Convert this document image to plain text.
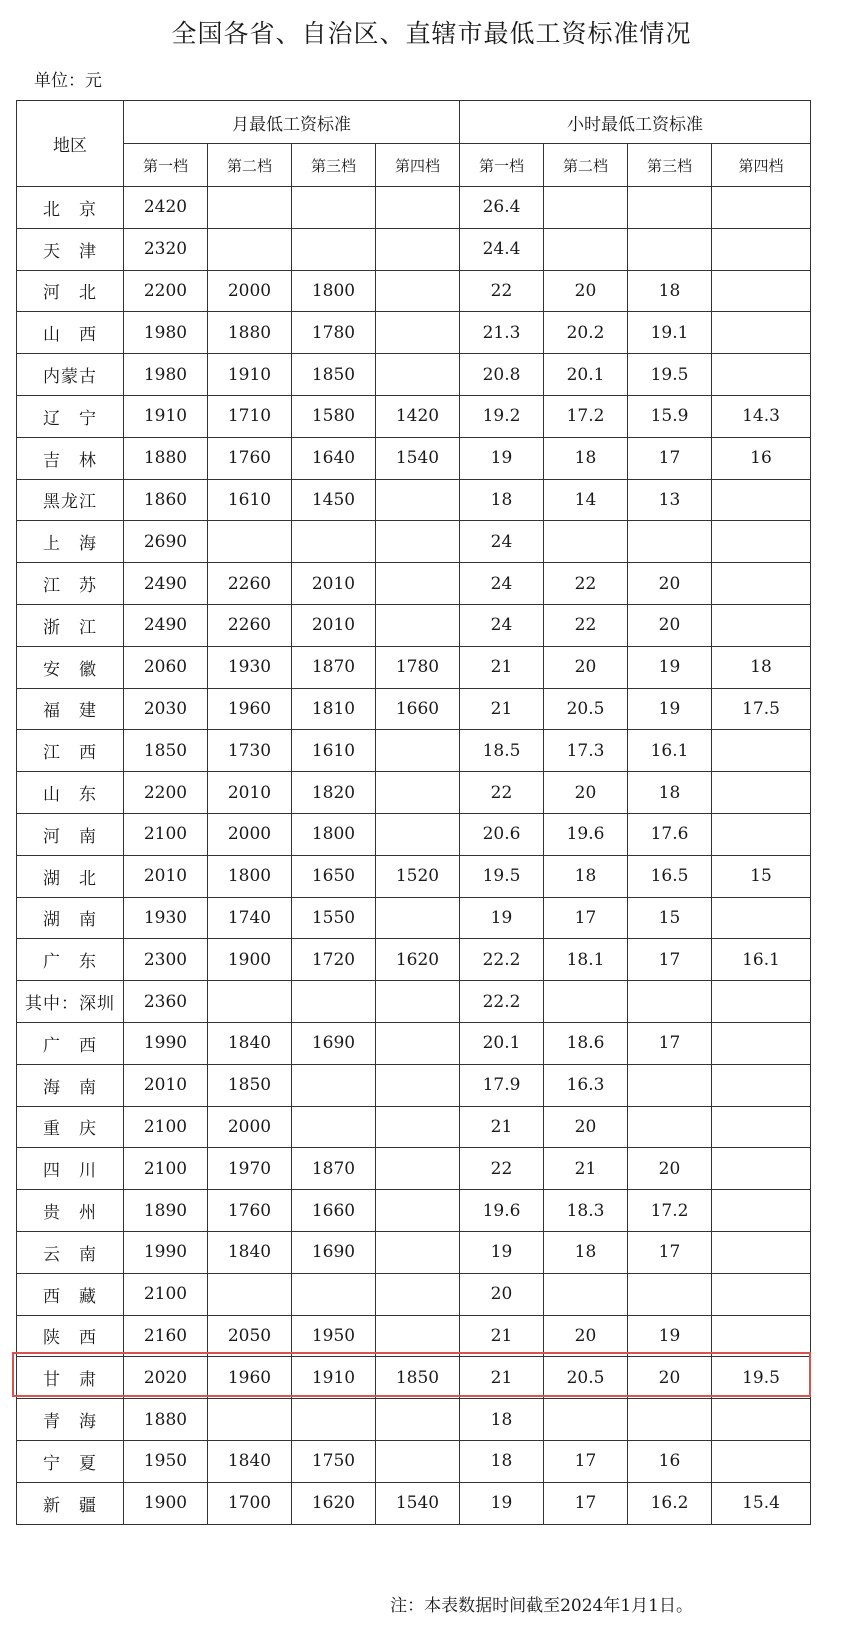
全国各省、自治区、直辖市最低工资标准情况
单位：元
地区	月最低工资标准				小时最低工资标准			
	第一档	第二档	第三档	第四档	第一档	第二档	第三档	第四档
北　京	2420				26.4			
天　津	2320				24.4			
河　北	2200	2000	1800		22	20	18	
山　西	1980	1880	1780		21.3	20.2	19.1	
内蒙古	1980	1910	1850		20.8	20.1	19.5	
辽　宁	1910	1710	1580	1420	19.2	17.2	15.9	14.3
吉　林	1880	1760	1640	1540	19	18	17	16
黑龙江	1860	1610	1450		18	14	13	
上　海	2690				24			
江　苏	2490	2260	2010		24	22	20	
浙　江	2490	2260	2010		24	22	20	
安　徽	2060	1930	1870	1780	21	20	19	18
福　建	2030	1960	1810	1660	21	20.5	19	17.5
江　西	1850	1730	1610		18.5	17.3	16.1	
山　东	2200	2010	1820		22	20	18	
河　南	2100	2000	1800		20.6	19.6	17.6	
湖　北	2010	1800	1650	1520	19.5	18	16.5	15
湖　南	1930	1740	1550		19	17	15	
广　东	2300	1900	1720	1620	22.2	18.1	17	16.1
其中：深圳	2360				22.2			
广　西	1990	1840	1690		20.1	18.6	17	
海　南	2010	1850			17.9	16.3		
重　庆	2100	2000			21	20		
四　川	2100	1970	1870		22	21	20	
贵　州	1890	1760	1660		19.6	18.3	17.2	
云　南	1990	1840	1690		19	18	17	
西　藏	2100				20			
陕　西	2160	2050	1950		21	20	19	
甘　肃	2020	1960	1910	1850	21	20.5	20	19.5
青　海	1880				18			
宁　夏	1950	1840	1750		18	17	16	
新　疆	1900	1700	1620	1540	19	17	16.2	15.4
注：本表数据时间截至2024年1月1日。
